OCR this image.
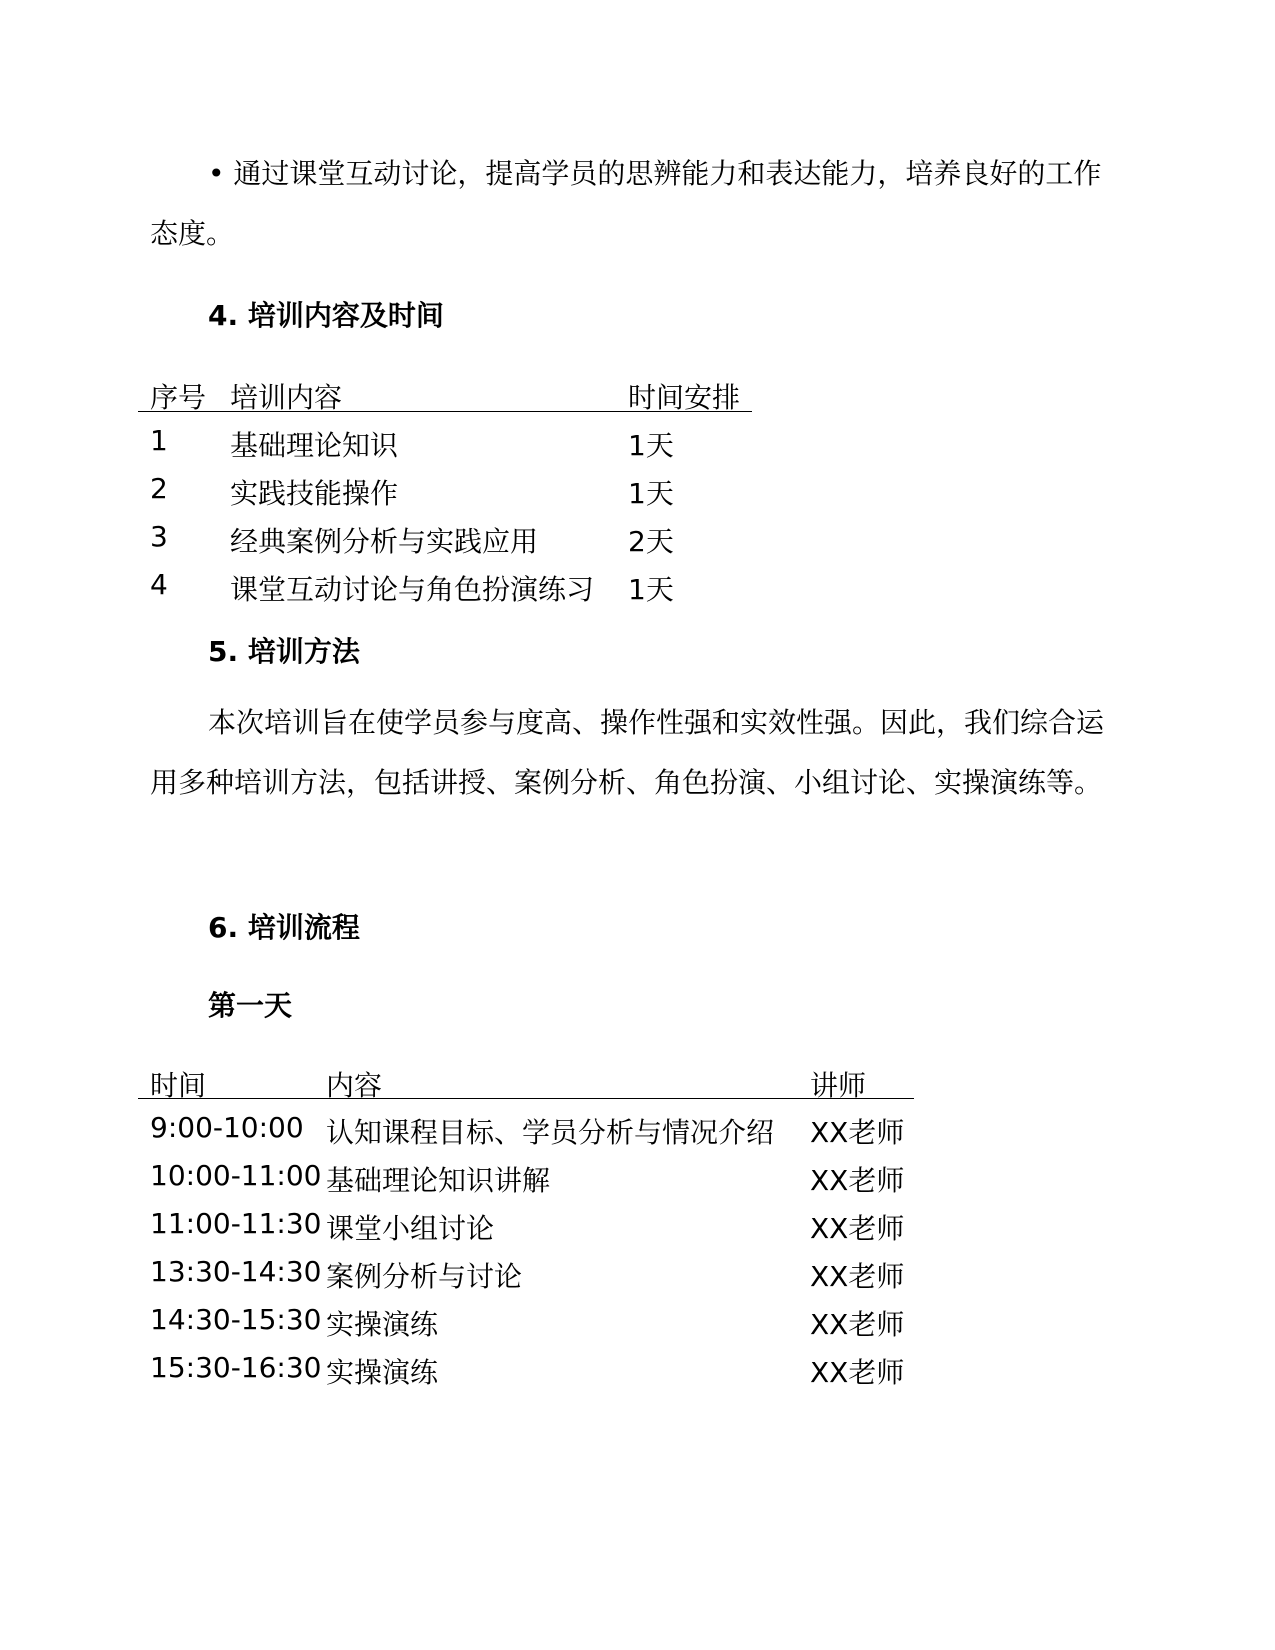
• 通过课堂互动讨论，提高学员的思辨能力和表达能力，培养良好的工作态度。

4. 培训内容及时间
序号 培训内容	时间安排
1 基础理论知识	1天
2 实践技能操作	1天
3 经典案例分析与实践应用	2天
4 课堂互动讨论与角色扮演练习 1天
5. 培训方法

本次培训旨在使学员参与度高、操作性强和实效性强。因此，我们综合运用多种培训方法，包括讲授、案例分析、角色扮演、小组讨论、实操演练等。

6. 培训流程
第一天
时间	内容	讲师
9:00-10:00 认知课程目标、学员分析与情况介绍 XX老师
10:00-11:00 基础理论知识讲解	XX老师
11:00-11:30 课堂小组讨论	XX老师
13:30-14:30 案例分析与讨论	XX老师
14:30-15:30 实操演练	XX老师
15:30-16:30 实操演练	XX老师
